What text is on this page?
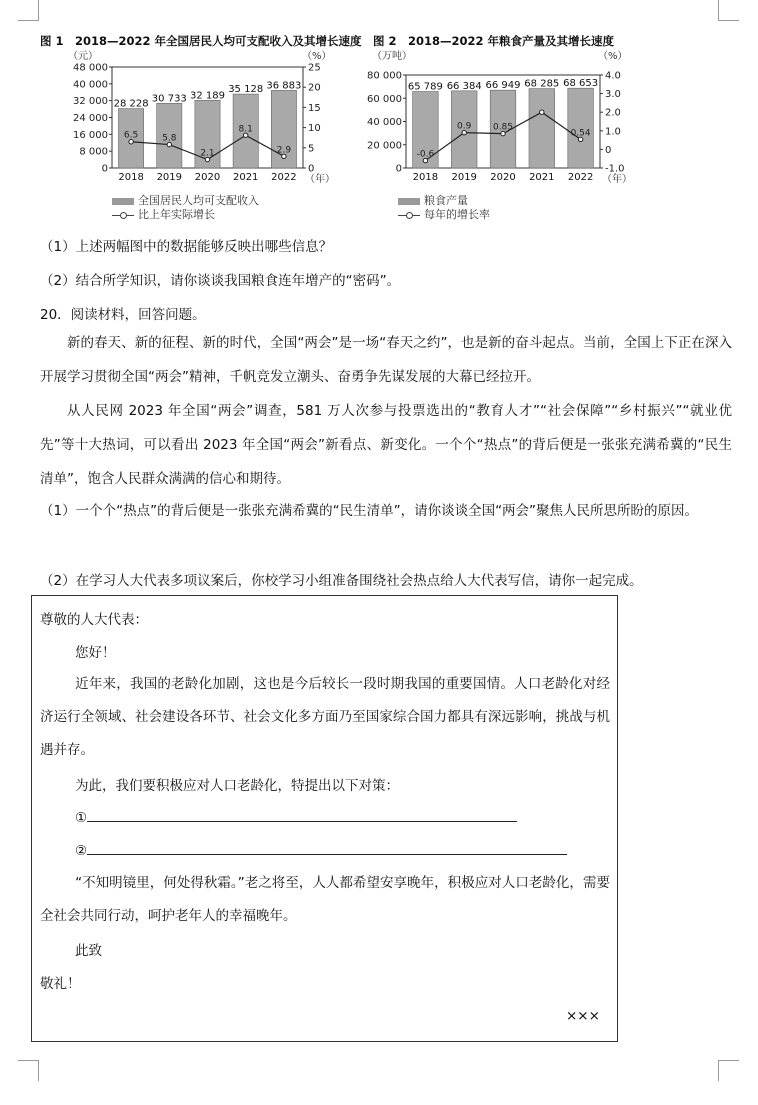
图 1　2018—2022 年全国居民人均可支配收入及其增长速度
（元）	（%）
0
8 000
16 000
24 000
32 000
40 000
48 000
0
5
10
15
20
25
28 228
2018
30 733
2019
32 189
2020
35 128
2021
36 883
2022 （年）
6.5	5.8
2.1
8.1
2.9
全国居民人均可支配收入
比上年实际增长
图 2　2018—2022 年粮食产量及其增长速度
（万吨）	（%）
0
20 000
40 000
60 000
80 000
-1.0
0
1.0
2.0
3.0
4.0
65 789
2018
66 384
2019
66 949
2020
68 285
2021
68 653
2022 （年）
-0.6
0.9 0.85
0.54
粮食产量
每年的增长率
（1）上述两幅图中的数据能够反映出哪些信息？
（2）结合所学知识，请你谈谈我国粮食连年增产的“密码”。
20．阅读材料，回答问题。

新的春天、新的征程、新的时代，全国“两会”是一场“春天之约”，也是新的奋斗起点。当前，全国上下正在深入开展学习贯彻全国“两会”精神，千帆竞发立潮头、奋勇争先谋发展的大幕已经拉开。

从人民网 2023 年全国“两会”调查，581 万人次参与投票选出的“教育人才”“社会保障”“乡村振兴”“就业优先”等十大热词，可以看出 2023 年全国“两会”新看点、新变化。一个个“热点”的背后便是一张张充满希冀的“民生清单”，饱含人民群众满满的信心和期待。

（1）一个个“热点”的背后便是一张张充满希冀的“民生清单”，请你谈谈全国“两会”聚焦人民所思所盼的原因。

（2）在学习人大代表多项议案后，你校学习小组准备围绕社会热点给人大代表写信，请你一起完成。
尊敬的人大代表：
您好！

近年来，我国的老龄化加剧，这也是今后较长一段时期我国的重要国情。人口老龄化对经济运行全领域、社会建设各环节、社会文化多方面乃至国家综合国力都具有深远影响，挑战与机遇并存。

为此，我们要积极应对人口老龄化，特提出以下对策：
①
②

“不知明镜里，何处得秋霜。”老之将至，人人都希望安享晚年，积极应对人口老龄化，需要全社会共同行动，呵护老年人的幸福晚年。

此致
敬礼！
×××
